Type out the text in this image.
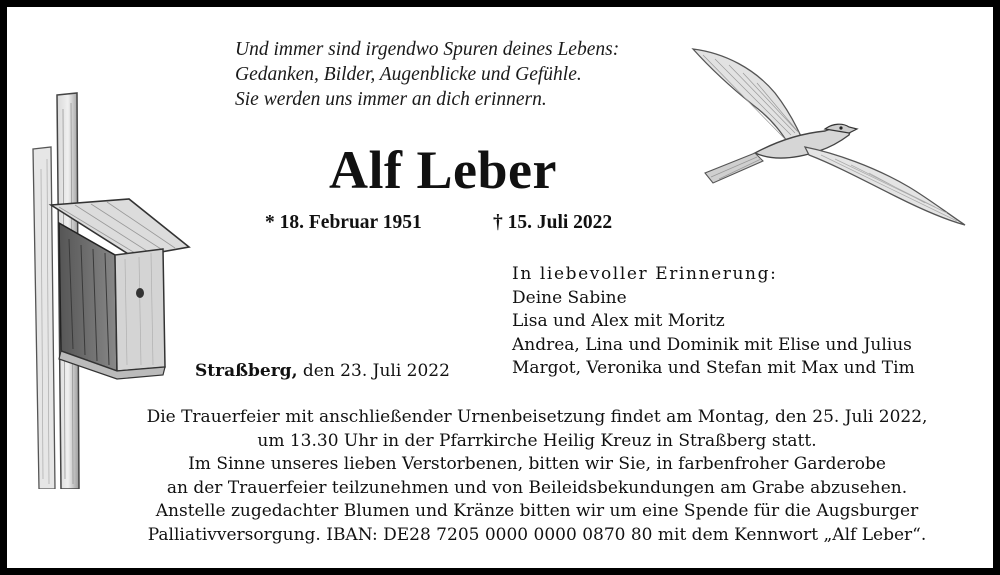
Und immer sind irgendwo Spuren deines Lebens:
Gedanken, Bilder, Augenblicke und Gefühle.
Sie werden uns immer an dich erinnern.
Alf Leber
* 18. Februar 1951	† 15. Juli 2022
In liebevoller Erinnerung:
Deine Sabine
Lisa und Alex mit Moritz
Andrea, Lina und Dominik mit Elise und Julius
Margot, Veronika und Stefan mit Max und Tim
Straßberg, den 23. Juli 2022
Die Trauerfeier mit anschließender Urnenbeisetzung findet am Montag, den 25. Juli 2022,
um 13.30 Uhr in der Pfarrkirche Heilig Kreuz in Straßberg statt.
Im Sinne unseres lieben Verstorbenen, bitten wir Sie, in farbenfroher Garderobe
an der Trauerfeier teilzunehmen und von Beileidsbekundungen am Grabe abzusehen.
Anstelle zugedachter Blumen und Kränze bitten wir um eine Spende für die Augsburger
Palliativversorgung. IBAN: DE28 7205 0000 0000 0870 80 mit dem Kennwort „Alf Leber“.
